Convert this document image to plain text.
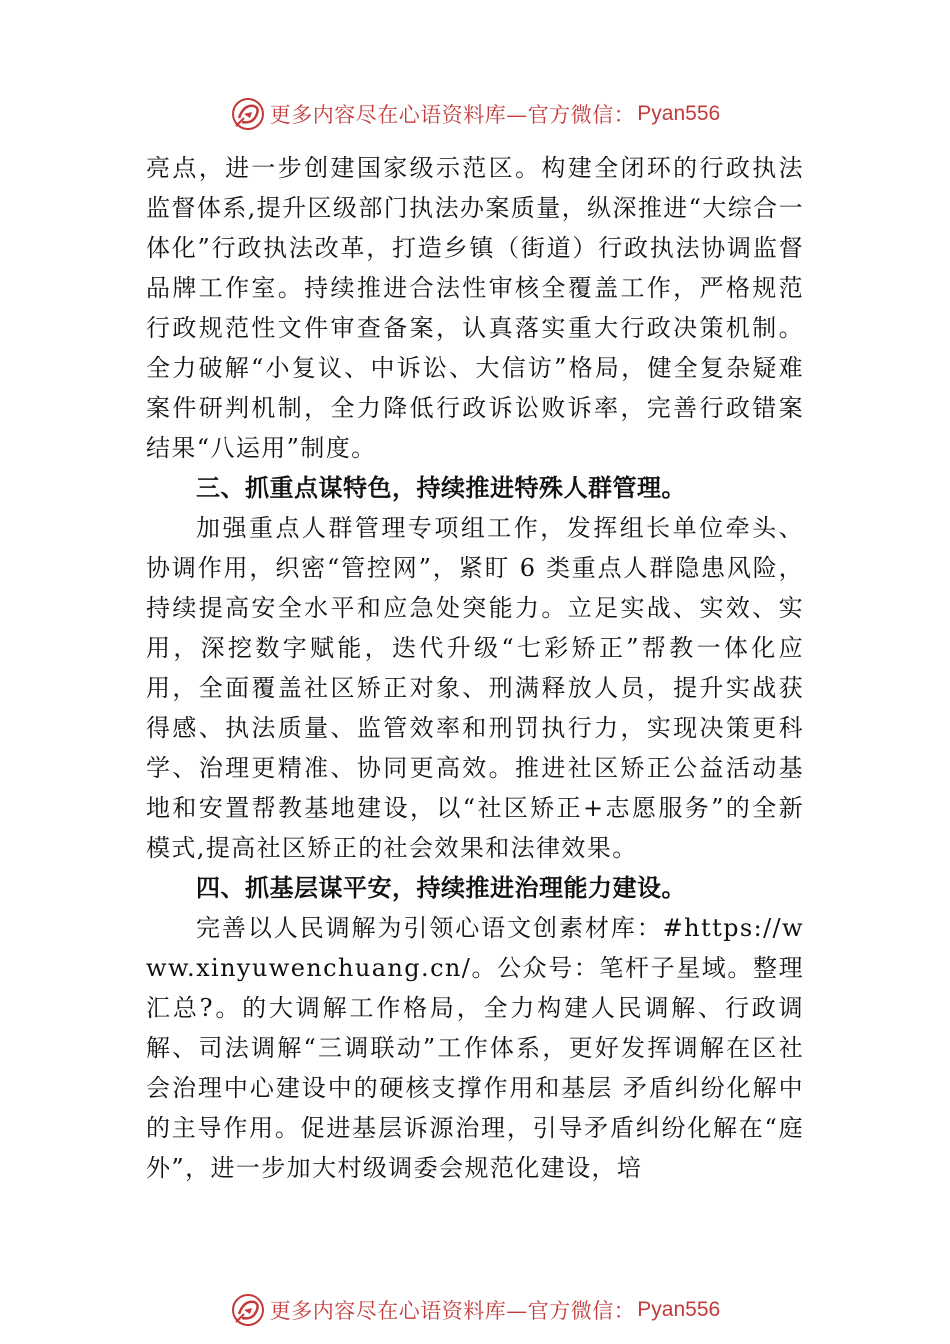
更多内容尽在心语资料库—官方微信： Pyan556

亮点，进一步创建国家级示范区。构建全闭环的行政执法监督体系,提升区级部门执法办案质量，纵深推进“大综合一体化”行政执法改革，打造乡镇（街道）行政执法协调监督品牌工作室。持续推进合法性审核全覆盖工作，严格规范行政规范性文件审查备案，认真落实重大行政决策机制。全力破解“小复议、中诉讼、大信访”格局，健全复杂疑难案件研判机制，全力降低行政诉讼败诉率，完善行政错案结果“八运用”制度。

三、抓重点谋特色，持续推进特殊人群管理。

加强重点人群管理专项组工作，发挥组长单位牵头、协调作用，织密“管控网”，紧盯 6 类重点人群隐患风险，持续提高安全水平和应急处突能力。立足实战、实效、实用，深挖数字赋能，迭代升级“七彩矫正”帮教一体化应用，全面覆盖社区矫正对象、刑满释放人员，提升实战获得感、执法质量、监管效率和刑罚执行力，实现决策更科学、治理更精准、协同更高效。推进社区矫正公益活动基地和安置帮教基地建设，以“社区矫正+志愿服务”的全新模式,提高社区矫正的社会效果和法律效果。

四、抓基层谋平安，持续推进治理能力建设。

完善以人民调解为引领心语文创素材库：#https://www.xinyuwenchuang.cn/。公众号：笔杆子星域。整理汇总?。的大调解工作格局，全力构建人民调解、行政调解、司法调解“三调联动”工作体系，更好发挥调解在区社会治理中心建设中的硬核支撑作用和基层 矛盾纠纷化解中的主导作用。促进基层诉源治理，引导矛盾纠纷化解在“庭外”，进一步加大村级调委会规范化建设，培

更多内容尽在心语资料库—官方微信： Pyan556
